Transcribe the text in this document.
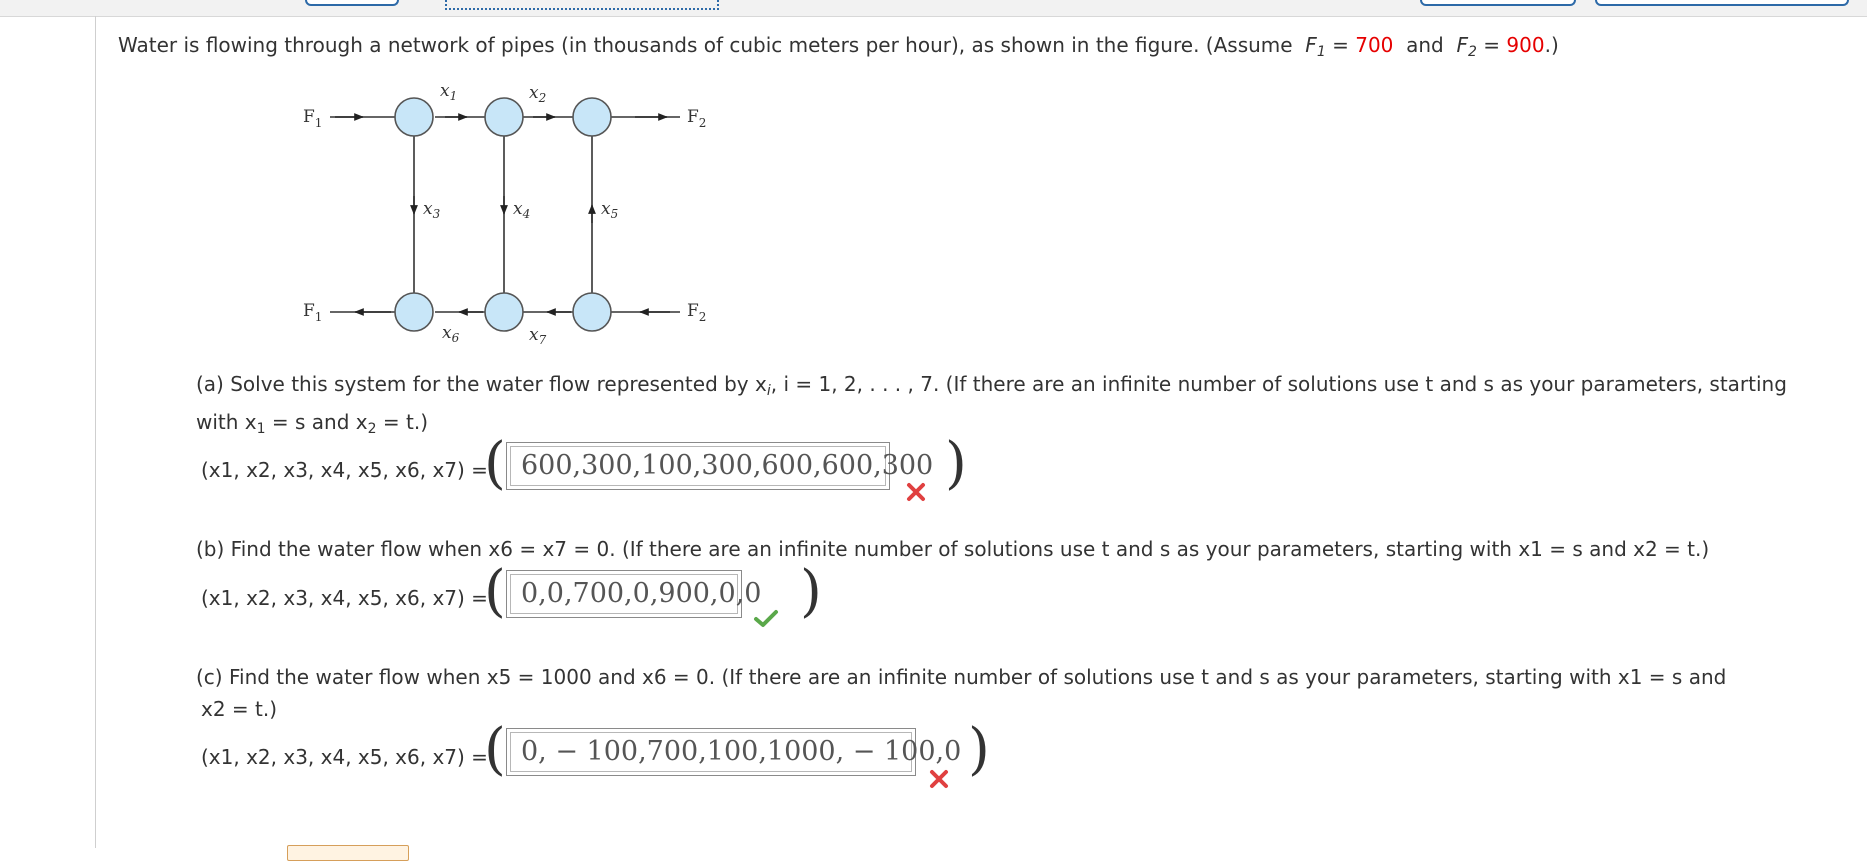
Water is flowing through a network of pipes (in thousands of cubic meters per hour), as shown in the figure. (Assume $F_1 = 700$ and $F_2 = 900$.)
$F_1$	$F_2$
$F_1$	$F_2$
$x_1$	$x_2$
$x_3$	$x_4$	$x_5$
$x_6$	$x_7$
(a) Solve this system for the water flow represented by $x_i$, i = 1, 2, . . . , 7. (If there are an infinite number of solutions use t and s as your parameters, starting
with $x_1 = s$ and $x_2 = t$.)
(x1, x2, x3, x4, x5, x6, x7) =
( 600,300,100,300,600,600,300 )
(b) Find the water flow when x6 = x7 = 0. (If there are an infinite number of solutions use t and s as your parameters, starting with x1 = s and x2 = t.)
(x1, x2, x3, x4, x5, x6, x7) =
( 0,0,700,0,900,0,0 )
(c) Find the water flow when x5 = 1000 and x6 = 0. (If there are an infinite number of solutions use t and s as your parameters, starting with x1 = s and
x2 = t.)
(x1, x2, x3, x4, x5, x6, x7) =
( 0, − 100,700,100,1000, − 100,0 )
